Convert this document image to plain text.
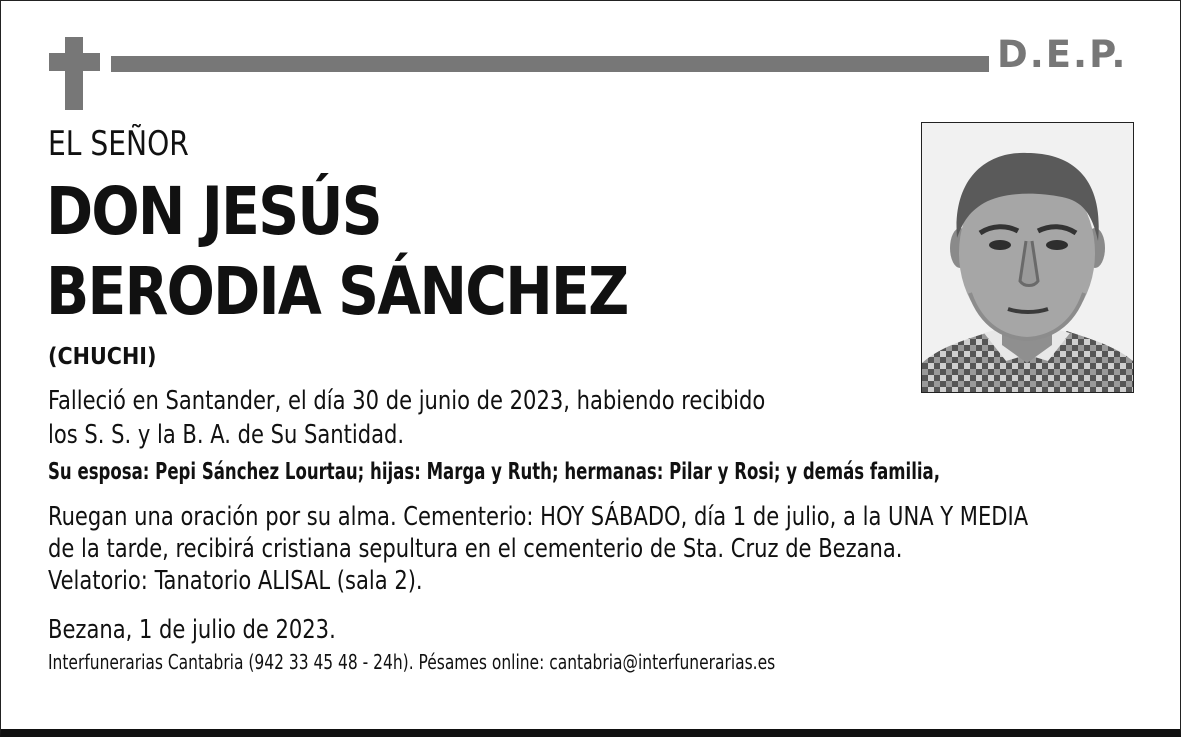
D.E.P.
EL SEÑOR
DON JESÚS
BERODIA SÁNCHEZ
(CHUCHI)
Falleció en Santander, el día 30 de junio de 2023, habiendo recibido
los S. S. y la B. A. de Su Santidad.
Su esposa: Pepi Sánchez Lourtau; hijas: Marga y Ruth; hermanas: Pilar y Rosi; y demás familia,
Ruegan una oración por su alma. Cementerio: HOY SÁBADO, día 1 de julio, a la UNA Y MEDIA
de la tarde, recibirá cristiana sepultura en el cementerio de Sta. Cruz de Bezana.
Velatorio: Tanatorio ALISAL (sala 2).
Bezana, 1 de julio de 2023.
Interfunerarias Cantabria (942 33 45 48 - 24h). Pésames online: cantabria@interfunerarias.es
